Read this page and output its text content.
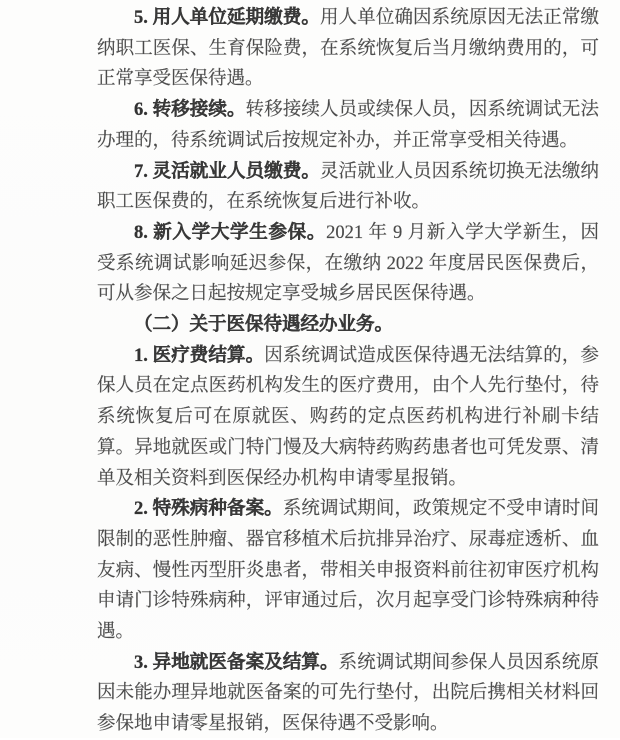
5. 用人单位延期缴费。用人单位确因系统原因无法正常缴纳职工医保、生育保险费，在系统恢复后当月缴纳费用的，可正常享受医保待遇。

6. 转移接续。转移接续人员或续保人员，因系统调试无法办理的，待系统调试后按规定补办，并正常享受相关待遇。

7. 灵活就业人员缴费。灵活就业人员因系统切换无法缴纳职工医保费的，在系统恢复后进行补收。

8. 新入学大学生参保。2021 年 9 月新入学大学新生，因受系统调试影响延迟参保，在缴纳 2022 年度居民医保费后，可从参保之日起按规定享受城乡居民医保待遇。

（二）关于医保待遇经办业务。

1. 医疗费结算。因系统调试造成医保待遇无法结算的，参保人员在定点医药机构发生的医疗费用，由个人先行垫付，待系统恢复后可在原就医、购药的定点医药机构进行补刷卡结算。异地就医或门特门慢及大病特药购药患者也可凭发票、清单及相关资料到医保经办机构申请零星报销。

2. 特殊病种备案。系统调试期间，政策规定不受申请时间限制的恶性肿瘤、器官移植术后抗排异治疗、尿毒症透析、血友病、慢性丙型肝炎患者，带相关申报资料前往初审医疗机构申请门诊特殊病种，评审通过后，次月起享受门诊特殊病种待遇。

3. 异地就医备案及结算。系统调试期间参保人员因系统原因未能办理异地就医备案的可先行垫付，出院后携相关材料回参保地申请零星报销，医保待遇不受影响。
